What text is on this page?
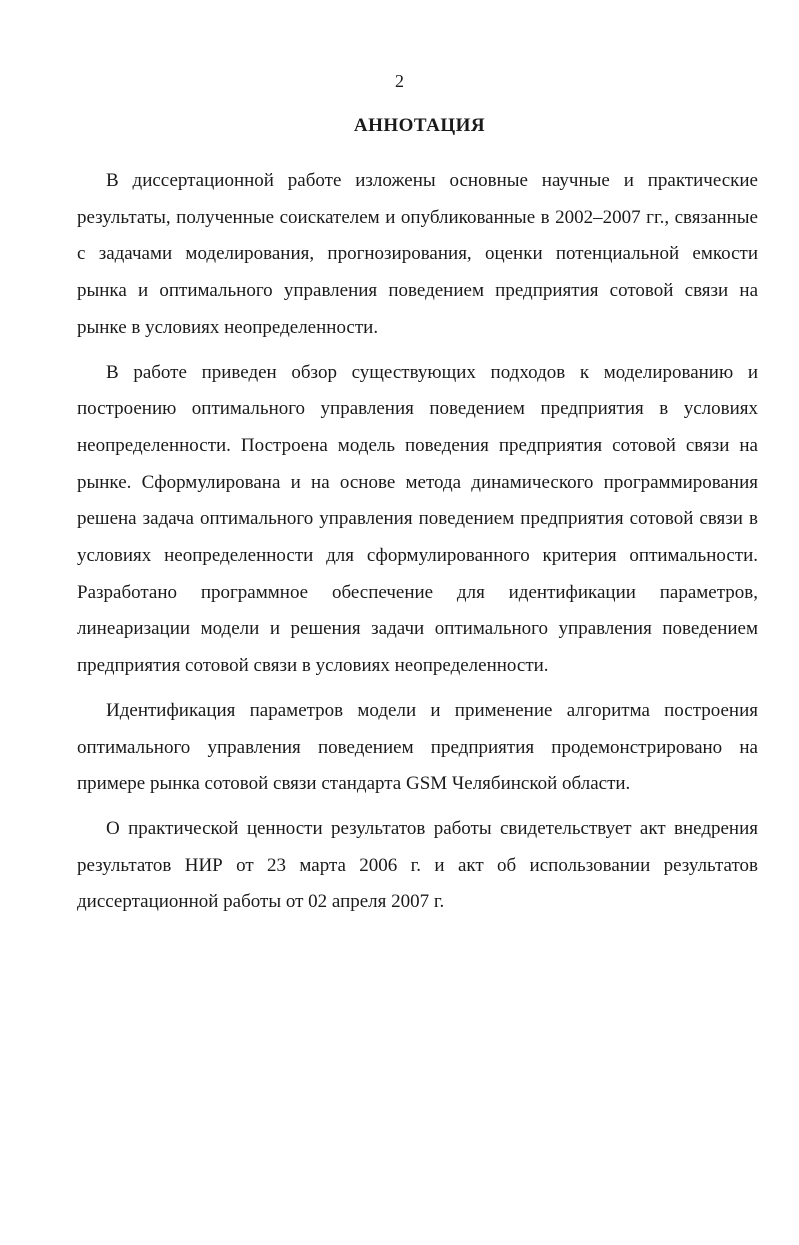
2
АННОТАЦИЯ

В диссертационной работе изложены основные научные и практические результаты, полученные соискателем и опубликованные в 2002–2007 гг., связанные с задачами моделирования, прогнозирования, оценки потенциальной емкости рынка и оптимального управления поведением предприятия сотовой связи на рынке в условиях неопределенности.

В работе приведен обзор существующих подходов к моделированию и построению оптимального управления поведением предприятия в условиях неопределенности. Построена модель поведения предприятия сотовой связи на рынке. Сформулирована и на основе метода динамического программирования решена задача оптимального управления поведением предприятия сотовой связи в условиях неопределенности для сформулированного критерия оптимальности. Разработано программное обеспечение для идентификации параметров, линеаризации модели и решения задачи оптимального управления поведением предприятия сотовой связи в условиях неопределенности.

Идентификация параметров модели и применение алгоритма построения оптимального управления поведением предприятия продемонстрировано на примере рынка сотовой связи стандарта GSM Челябинской области.

О практической ценности результатов работы свидетельствует акт внедрения результатов НИР от 23 марта 2006 г. и акт об использовании результатов диссертационной работы от 02 апреля 2007 г.
